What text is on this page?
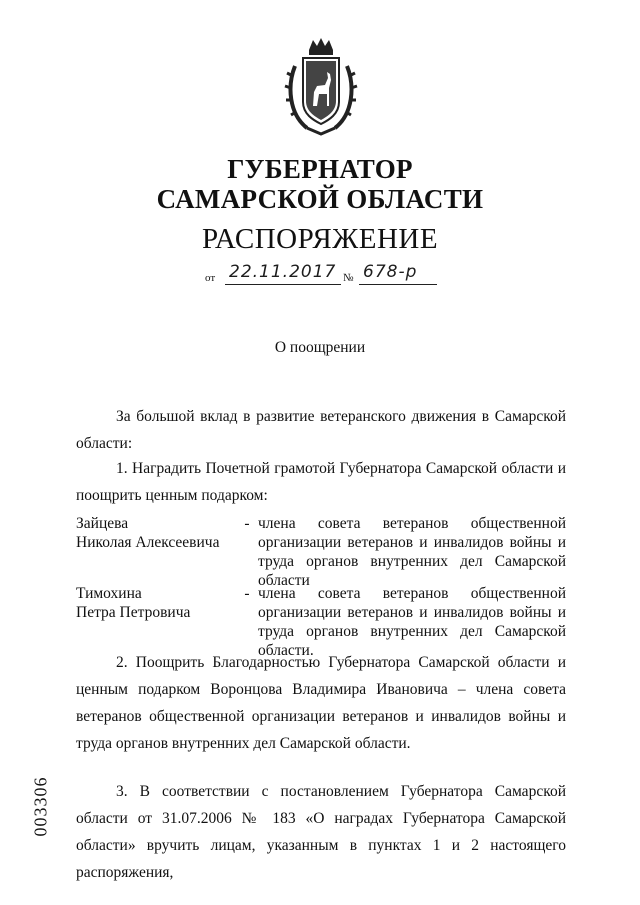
ГУБЕРНАТОР
САМАРСКОЙ ОБЛАСТИ
РАСПОРЯЖЕНИЕ
от 22.11.2017 № 678-р
О поощрении
За большой вклад в развитие ветеранского движения в Самарской области:
1. Наградить Почетной грамотой Губернатора Самарской области и поощрить ценным подарком:
Зайцева
Николая Алексеевича
- члена совета ветеранов общественной организации ветеранов и инвалидов войны и труда органов внутренних дел Самарской области
Тимохина
Петра Петровича
- члена совета ветеранов общественной организации ветеранов и инвалидов войны и труда органов внутренних дел Самарской области.
2. Поощрить Благодарностью Губернатора Самарской области и ценным подарком Воронцова Владимира Ивановича – члена совета ветеранов общественной организации ветеранов и инвалидов войны и труда органов внутренних дел Самарской области.
3. В соответствии с постановлением Губернатора Самарской области от 31.07.2006 № 183 «О наградах Губернатора Самарской области» вручить лицам, указанным в пунктах 1 и 2 настоящего распоряжения,
003306
